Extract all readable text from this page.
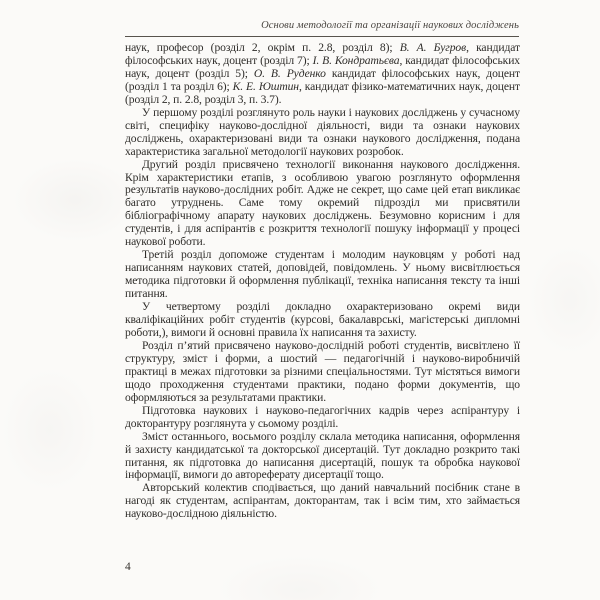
Основи методології та організації наукових досліджень

наук, професор (розділ 2, окрім п. 2.8, розділ 8); В. А. Бугров, кандидат філософських наук, доцент (розділ 7); І. В. Кондратьєва, кандидат філософських наук, доцент (розділ 5); О. В. Руденко кандидат філософських наук, доцент (розділ 1 та розділ 6); К. Е. Юштин, кандидат фізико-математичних наук, доцент (розділ 2, п. 2.8, розділ 3, п. 3.7).

У першому розділі розглянуто роль науки і наукових досліджень у сучасному світі, специфіку науково-дослідної діяльності, види та ознаки наукових досліджень, охарактеризовані види та ознаки наукового дослідження, подана характеристика загальної методології наукових розробок.

Другий розділ присвячено технології виконання наукового дослідження. Крім характеристики етапів, з особливою увагою розглянуто оформлення результатів науково-дослідних робіт. Адже не секрет, що саме цей етап викликає багато утруднень. Саме тому окремий підрозділ ми присвятили бібліографічному апарату наукових досліджень. Безумовно корисним і для студентів, і для аспірантів є розкриття технології пошуку інформації у процесі наукової роботи.

Третій розділ допоможе студентам і молодим науковцям у роботі над написанням наукових статей, доповідей, повідомлень. У ньому висвітлюється методика підготовки й оформлення публікації, техніка написання тексту та інші питання.

У четвертому розділі докладно охарактеризовано окремі види кваліфікаційних робіт студентів (курсові, бакалаврські, магістерські дипломні роботи,), вимоги й основні правила їх написання та захисту.

Розділ п’ятий присвячено науково-дослідній роботі студентів, висвітлено її структуру, зміст і форми, а шостий — педагогічній і науково-виробничій практиці в межах підготовки за різними спеціальностями. Тут містяться вимоги щодо проходження студентами практики, подано форми документів, що оформляються за результатами практики.

Підготовка наукових і науково-педагогічних кадрів через аспірантуру і докторантуру розглянута у сьомому розділі.

Зміст останнього, восьмого розділу склала методика написання, оформлення й захисту кандидатської та докторської дисертацій. Тут докладно розкрито такі питання, як підготовка до написання дисертацій, пошук та обробка наукової інформації, вимоги до автореферату дисертації тощо.

Авторський колектив сподівається, що даний навчальний посібник стане в нагоді як студентам, аспірантам, докторантам, так і всім тим, хто займається науково-дослідною діяльністю.

4
